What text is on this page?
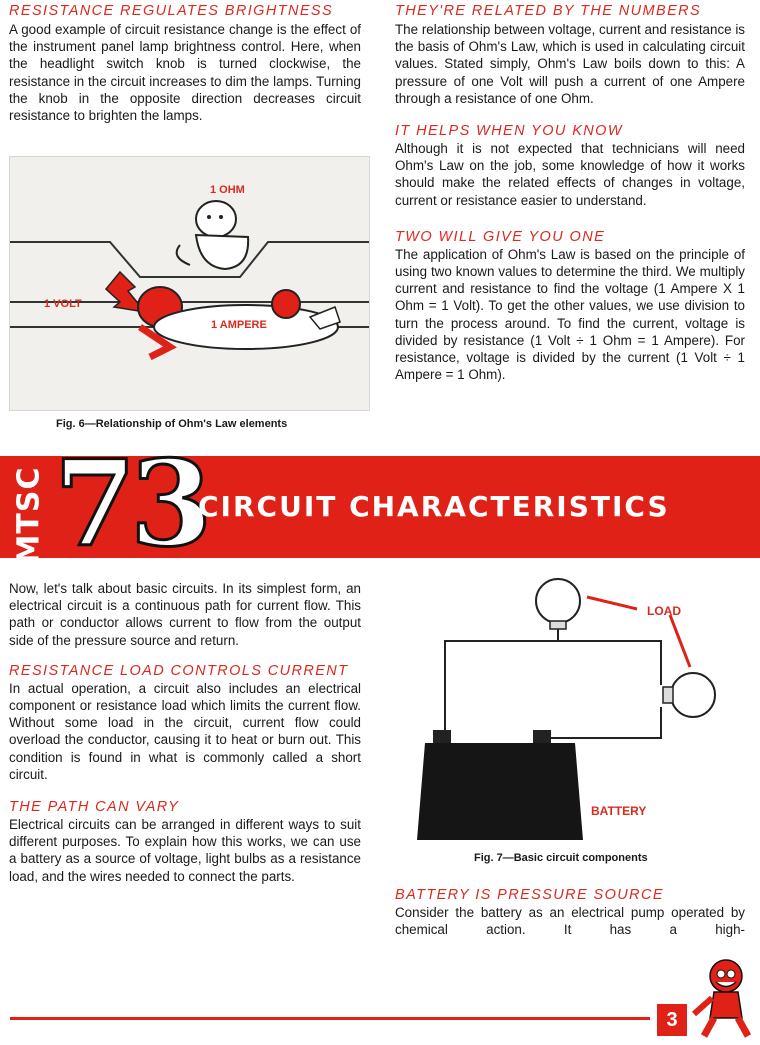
RESISTANCE REGULATES BRIGHTNESS

A good example of circuit resistance change is the effect of the instrument panel lamp brightness control. Here, when the headlight switch knob is turned clockwise, the resistance in the circuit increases to dim the lamps. Turning the knob in the opposite direction decreases circuit resistance to brighten the lamps.

1 OHM
1 VOLT
1 AMPERE
Fig. 6—Relationship of Ohm's Law elements

THEY'RE RELATED BY THE NUMBERS

The relationship between voltage, current and resistance is the basis of Ohm's Law, which is used in calculating circuit values. Stated simply, Ohm's Law boils down to this: A pressure of one Volt will push a current of one Ampere through a resistance of one Ohm.

IT HELPS WHEN YOU KNOW

Although it is not expected that technicians will need Ohm's Law on the job, some knowledge of how it works should make the related effects of changes in voltage, current or resistance easier to understand.

TWO WILL GIVE YOU ONE

The application of Ohm's Law is based on the principle of using two known values to determine the third. We multiply current and resistance to find the voltage (1 Ampere X 1 Ohm = 1 Volt). To get the other values, we use division to turn the process around. To find the current, voltage is divided by resistance (1 Volt ÷ 1 Ohm = 1 Ampere). For resistance, voltage is divided by the current (1 Volt ÷ 1 Ampere = 1 Ohm).

MTSC 73
CIRCUIT CHARACTERISTICS

Now, let's talk about basic circuits. In its simplest form, an electrical circuit is a continuous path for current flow. This path or conductor allows current to flow from the output side of the pressure source and return.

RESISTANCE LOAD CONTROLS CURRENT

In actual operation, a circuit also includes an electrical component or resistance load which limits the current flow. Without some load in the circuit, current flow could overload the conductor, causing it to heat or burn out. This condition is found in what is commonly called a short circuit.

THE PATH CAN VARY

Electrical circuits can be arranged in different ways to suit different purposes. To explain how this works, we can use a battery as a source of voltage, light bulbs as a resistance load, and the wires needed to connect the parts.

LOAD
BATTERY
Fig. 7—Basic circuit components

BATTERY IS PRESSURE SOURCE

Consider the battery as an electrical pump operated by chemical action. It has a high-

3
